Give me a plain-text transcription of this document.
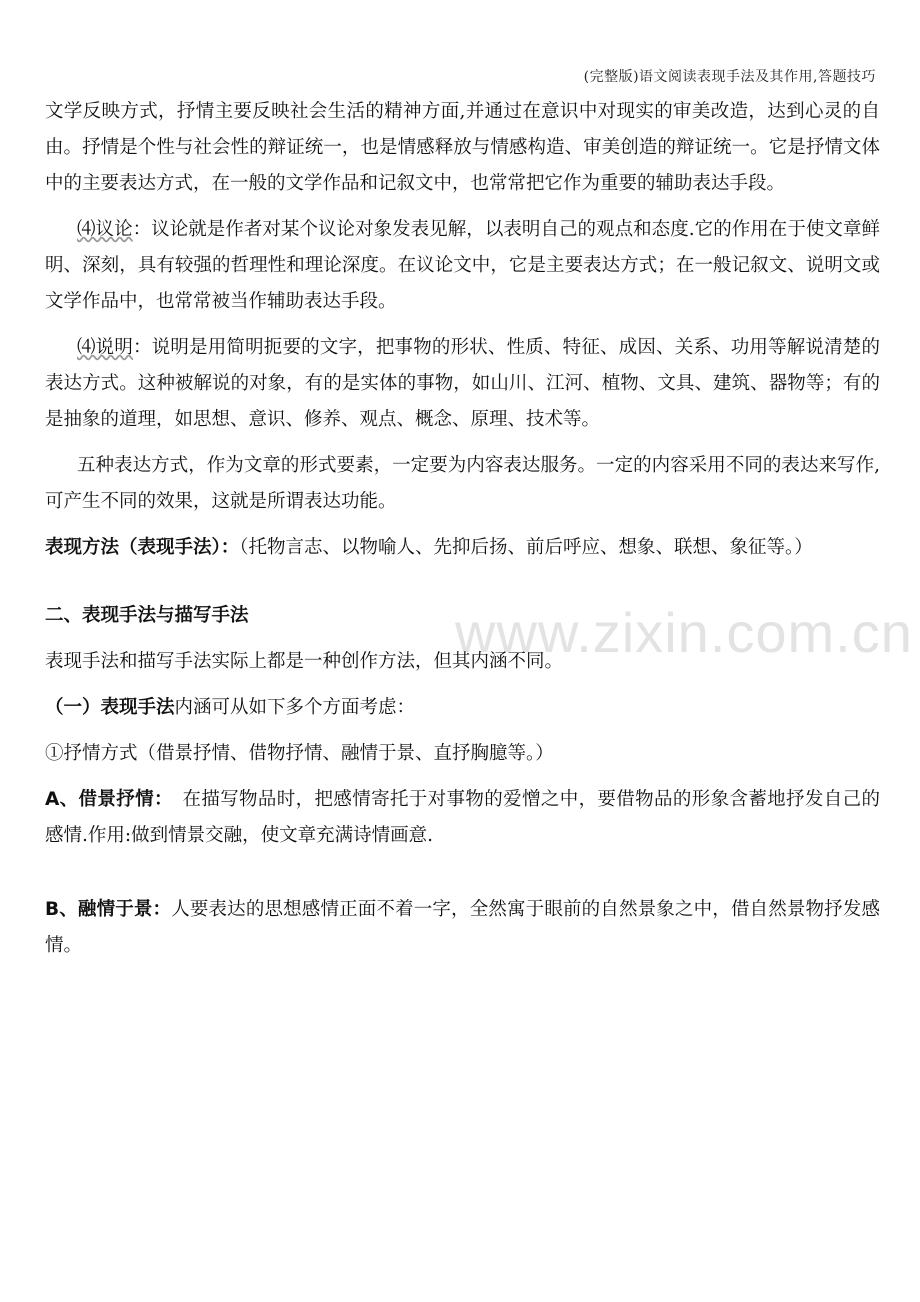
(完整版)语文阅读表现手法及其作用,答题技巧
www.zixin.com.cn

文学反映方式，抒情主要反映社会生活的精神方面,并通过在意识中对现实的审美改造，达到心灵的自由。抒情是个性与社会性的辩证统一，也是情感释放与情感构造、审美创造的辩证统一。它是抒情文体中的主要表达方式，在一般的文学作品和记叙文中，也常常把它作为重要的辅助表达手段。

⑷议论：议论就是作者对某个议论对象发表见解，以表明自己的观点和态度.它的作用在于使文章鲜明、深刻，具有较强的哲理性和理论深度。在议论文中，它是主要表达方式；在一般记叙文、说明文或文学作品中，也常常被当作辅助表达手段。

⑷说明：说明是用简明扼要的文字，把事物的形状、性质、特征、成因、关系、功用等解说清楚的表达方式。这种被解说的对象，有的是实体的事物，如山川、江河、植物、文具、建筑、器物等；有的是抽象的道理，如思想、意识、修养、观点、概念、原理、技术等。

五种表达方式，作为文章的形式要素，一定要为内容表达服务。一定的内容采用不同的表达来写作,可产生不同的效果，这就是所谓表达功能。

表现方法（表现手法）：（托物言志、以物喻人、先抑后扬、前后呼应、想象、联想、象征等。）

二、表现手法与描写手法

表现手法和描写手法实际上都是一种创作方法，但其内涵不同。

（一）表现手法内涵可从如下多个方面考虑：

①抒情方式（借景抒情、借物抒情、融情于景、直抒胸臆等。）

A、借景抒情：　在描写物品时，把感情寄托于对事物的爱憎之中，要借物品的形象含蓄地抒发自己的感情.作用:做到情景交融，使文章充满诗情画意.

B、融情于景：人要表达的思想感情正面不着一字，全然寓于眼前的自然景象之中，借自然景物抒发感情。
